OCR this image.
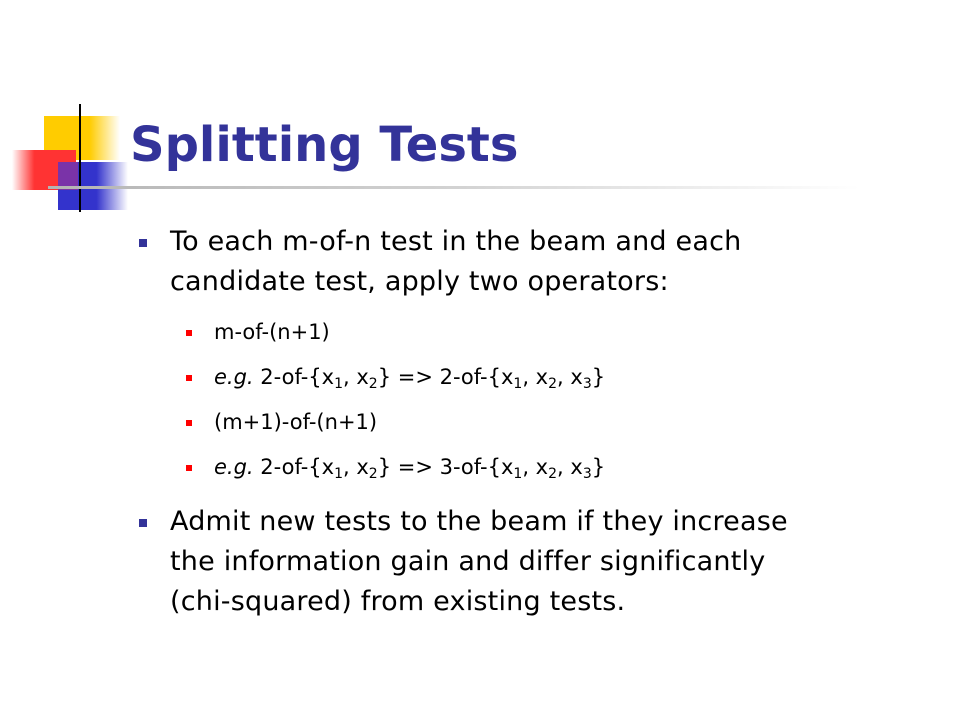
Splitting Tests
To each m-of-n test in the beam and each
candidate test, apply two operators:
m-of-(n+1)
e.g. $2-of-\{x_1$, $x_2\} => 2-of-\{x_1$, $x_2$, $x_3$}
(m+1)-of-(n+1)
e.g. $2-of-\{x_1$, $x_2\} => 3-of-\{x_1$, $x_2$, $x_3$}
Admit new tests to the beam if they increase
the information gain and differ significantly
(chi-squared) from existing tests.
